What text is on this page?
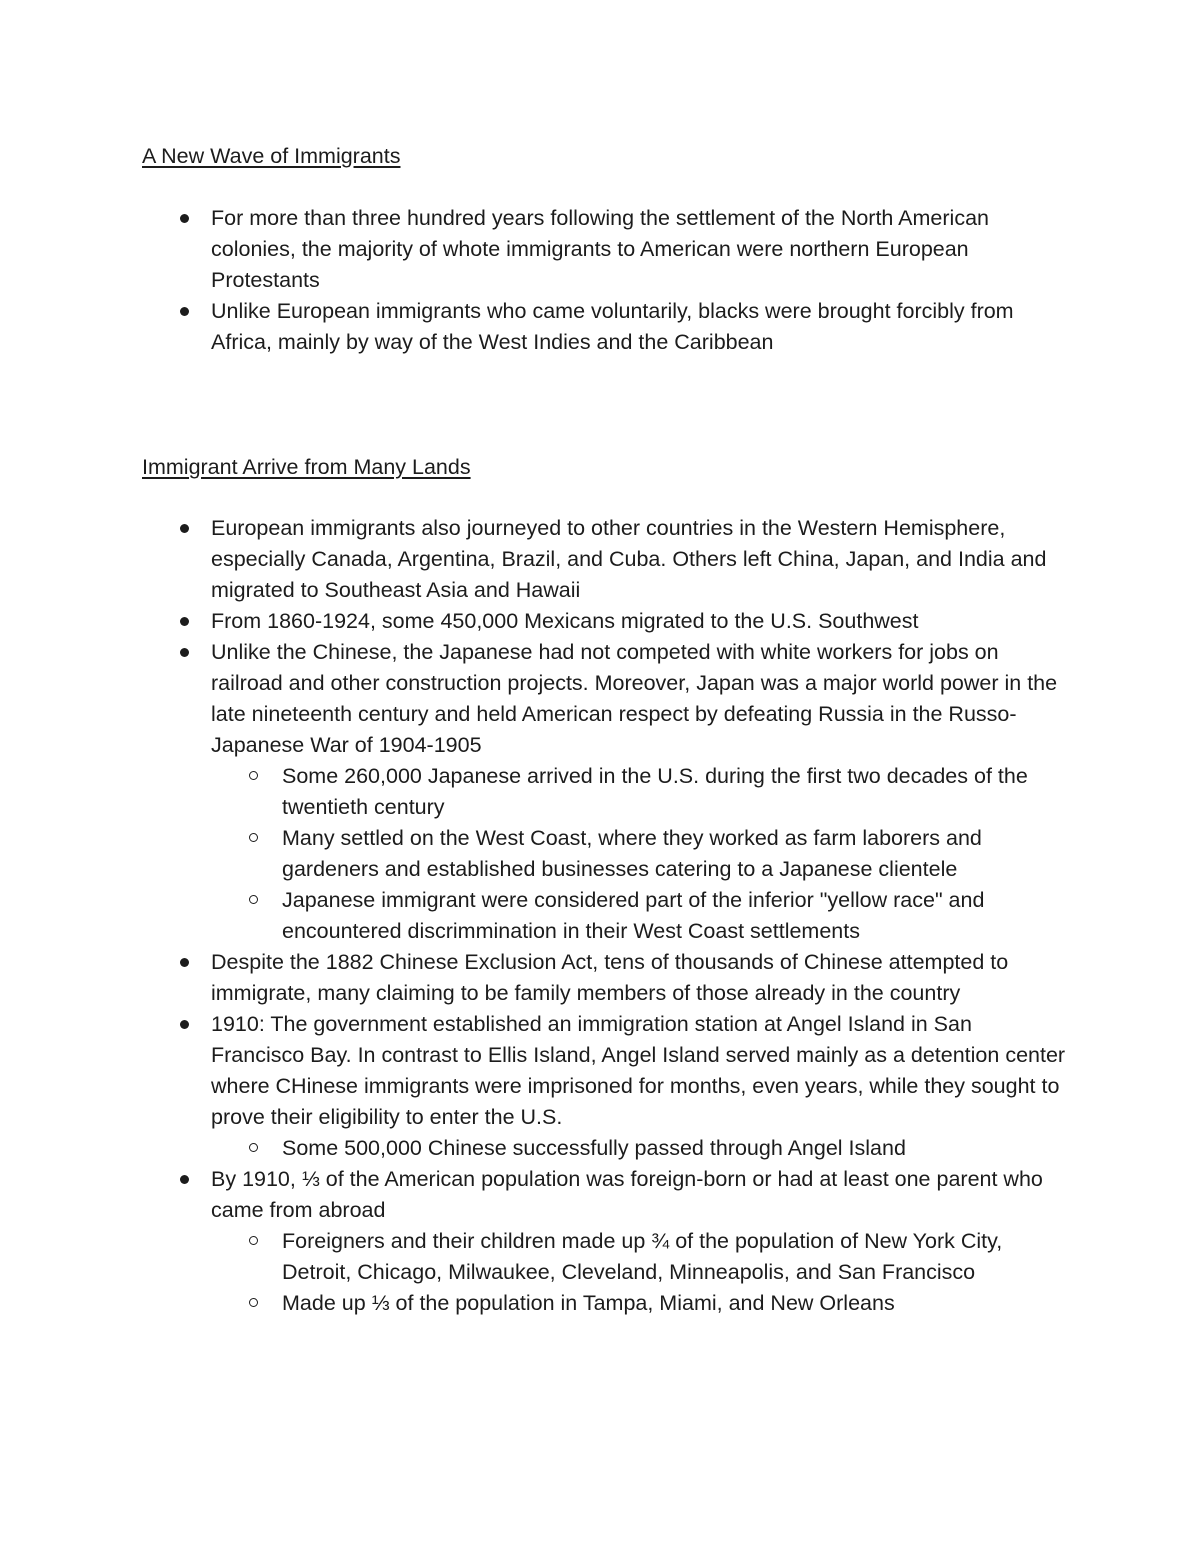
A New Wave of Immigrants
For more than three hundred years following the settlement of the North American colonies, the majority of whote immigrants to American were northern European Protestants
Unlike European immigrants who came voluntarily, blacks were brought forcibly from Africa, mainly by way of the West Indies and the Caribbean
Immigrant Arrive from Many Lands
European immigrants also journeyed to other countries in the Western Hemisphere, especially Canada, Argentina, Brazil, and Cuba. Others left China, Japan, and India and migrated to Southeast Asia and Hawaii
From 1860-1924, some 450,000 Mexicans migrated to the U.S. Southwest
Unlike the Chinese, the Japanese had not competed with white workers for jobs on railroad and other construction projects. Moreover, Japan was a major world power in the late nineteenth century and held American respect by defeating Russia in the Russo-Japanese War of 1904-1905
Some 260,000 Japanese arrived in the U.S. during the first two decades of the twentieth century
Many settled on the West Coast, where they worked as farm laborers and gardeners and established businesses catering to a Japanese clientele
Japanese immigrant were considered part of the inferior "yellow race" and encountered discrimmination in their West Coast settlements
Despite the 1882 Chinese Exclusion Act, tens of thousands of Chinese attempted to immigrate, many claiming to be family members of those already in the country
1910: The government established an immigration station at Angel Island in San Francisco Bay. In contrast to Ellis Island, Angel Island served mainly as a detention center where CHinese immigrants were imprisoned for months, even years, while they sought to prove their eligibility to enter the U.S.
Some 500,000 Chinese successfully passed through Angel Island
By 1910, ⅓ of the American population was foreign-born or had at least one parent who came from abroad
Foreigners and their children made up ¾ of the population of New York City, Detroit, Chicago, Milwaukee, Cleveland, Minneapolis, and San Francisco
Made up ⅓ of the population in Tampa, Miami, and New Orleans
